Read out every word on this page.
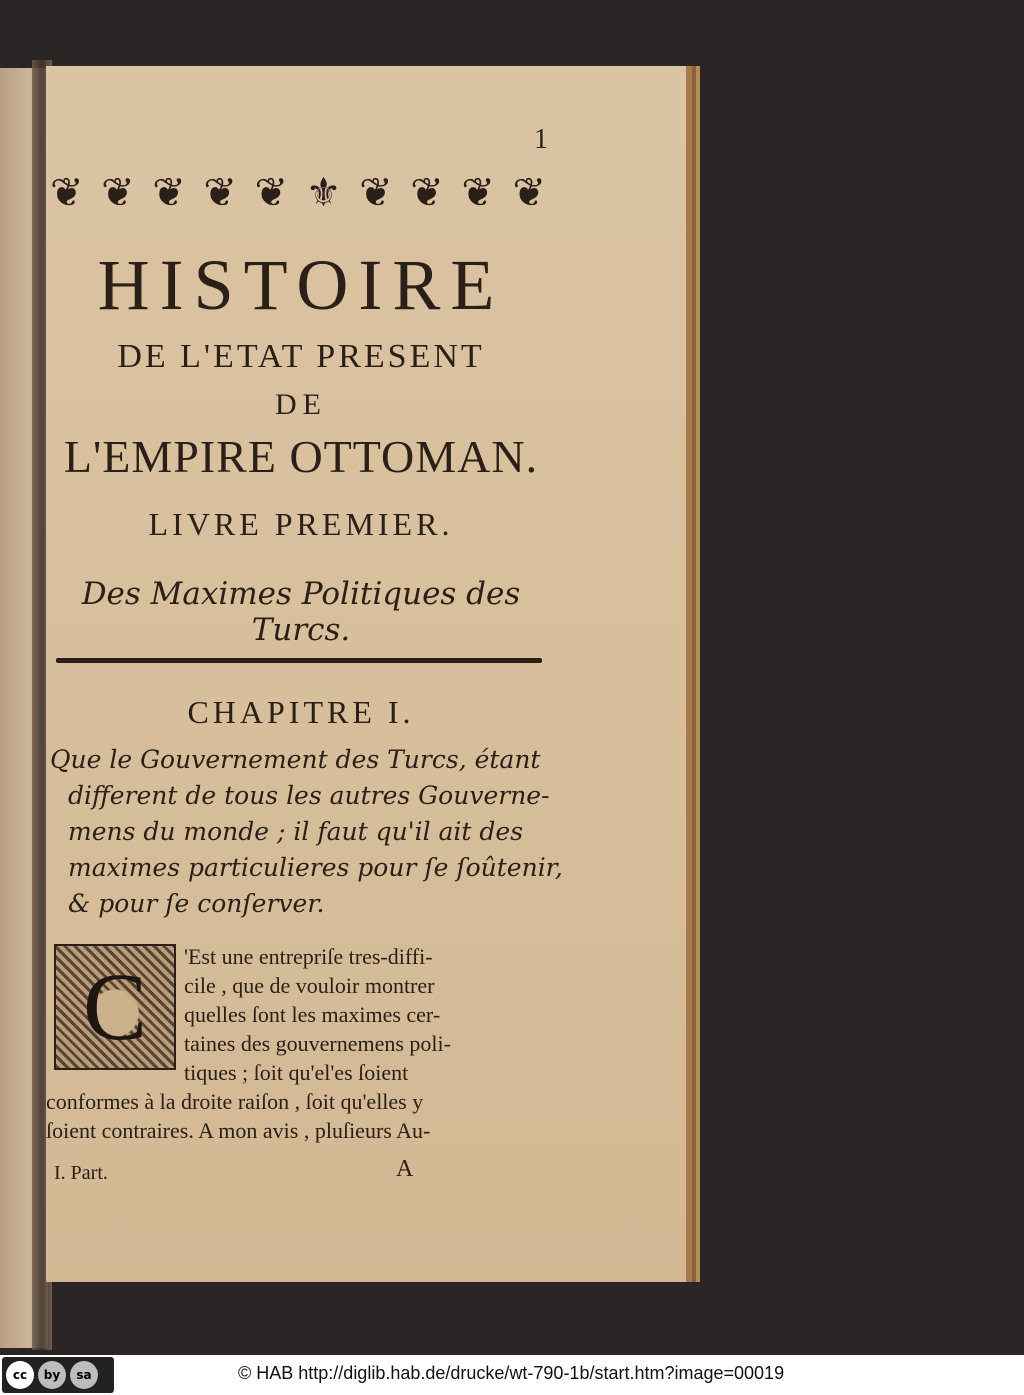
1
❦ ❦ ❦ ❦ ❦ ⚜ ❦ ❦ ❦ ❦
HISTOIRE
DE L'ETAT PRESENT
DE
L'EMPIRE OTTOMAN.
LIVRE PREMIER.
Des Maximes Politiques des Turcs.
CHAPITRE I.
Que le Gouvernement des Turcs, étant
different de tous les autres Gouverne-
mens du monde ; il faut qu'il ait des
maximes particulieres pour ſe ſoûtenir,
& pour ſe conſerver.
C	'Est une entrepriſe tres-diffi-
cile , que de vouloir montrer
quelles ſont les maximes cer-
taines des gouvernemens poli-
tiques ; ſoit qu'el'es ſoient
conformes à la droite raiſon , ſoit qu'elles y
ſoient contraires. A mon avis , pluſieurs Au-
I. Part.	A
cc	by	sa	© HAB http://diglib.hab.de/drucke/wt-790-1b/start.htm?image=00019
